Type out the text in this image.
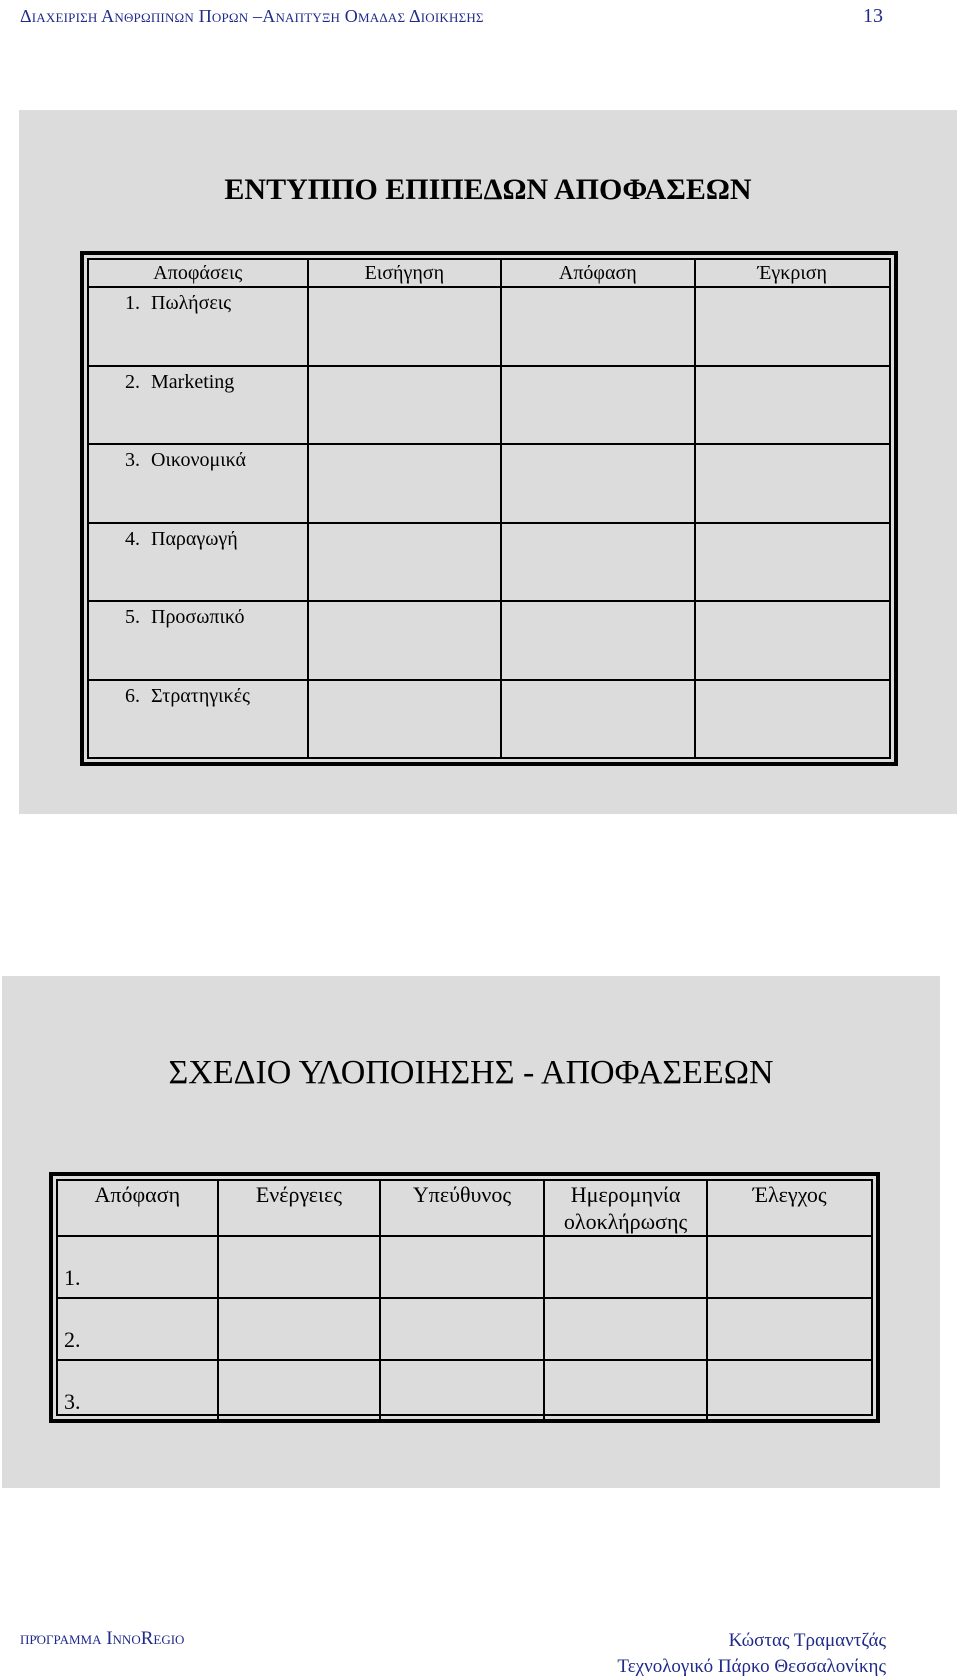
Διαχειριση Ανθρωπινων Πορων –Αναπτυξη Ομαδας Διοικησης	13
ΕΝΤΥΠΠΟ ΕΠΙΠΕΔΩΝ ΑΠΟΦΑΣΕΩΝ
Αποφάσεις	Εισήγηση	Απόφαση	Έγκριση
1. Πωλήσεις			
2. Marketing			
3. Οικονομικά			
4. Παραγωγή			
5. Προσωπικό			
6. Στρατηγικές			
ΣΧΕΔΙΟ ΥΛΟΠΟΙΗΣΗΣ - ΑΠΟΦΑΣΕΕΩΝ
Απόφαση	Ενέργειες	Υπεύθυνος	Ημερομηνία ολοκλήρωσης	Έλεγχος
1.				
2.				
3.				
πρόγραμμα InnoRegio	Κώστας Τραμαντζάς
Τεχνολογικό Πάρκο Θεσσαλονίκης
